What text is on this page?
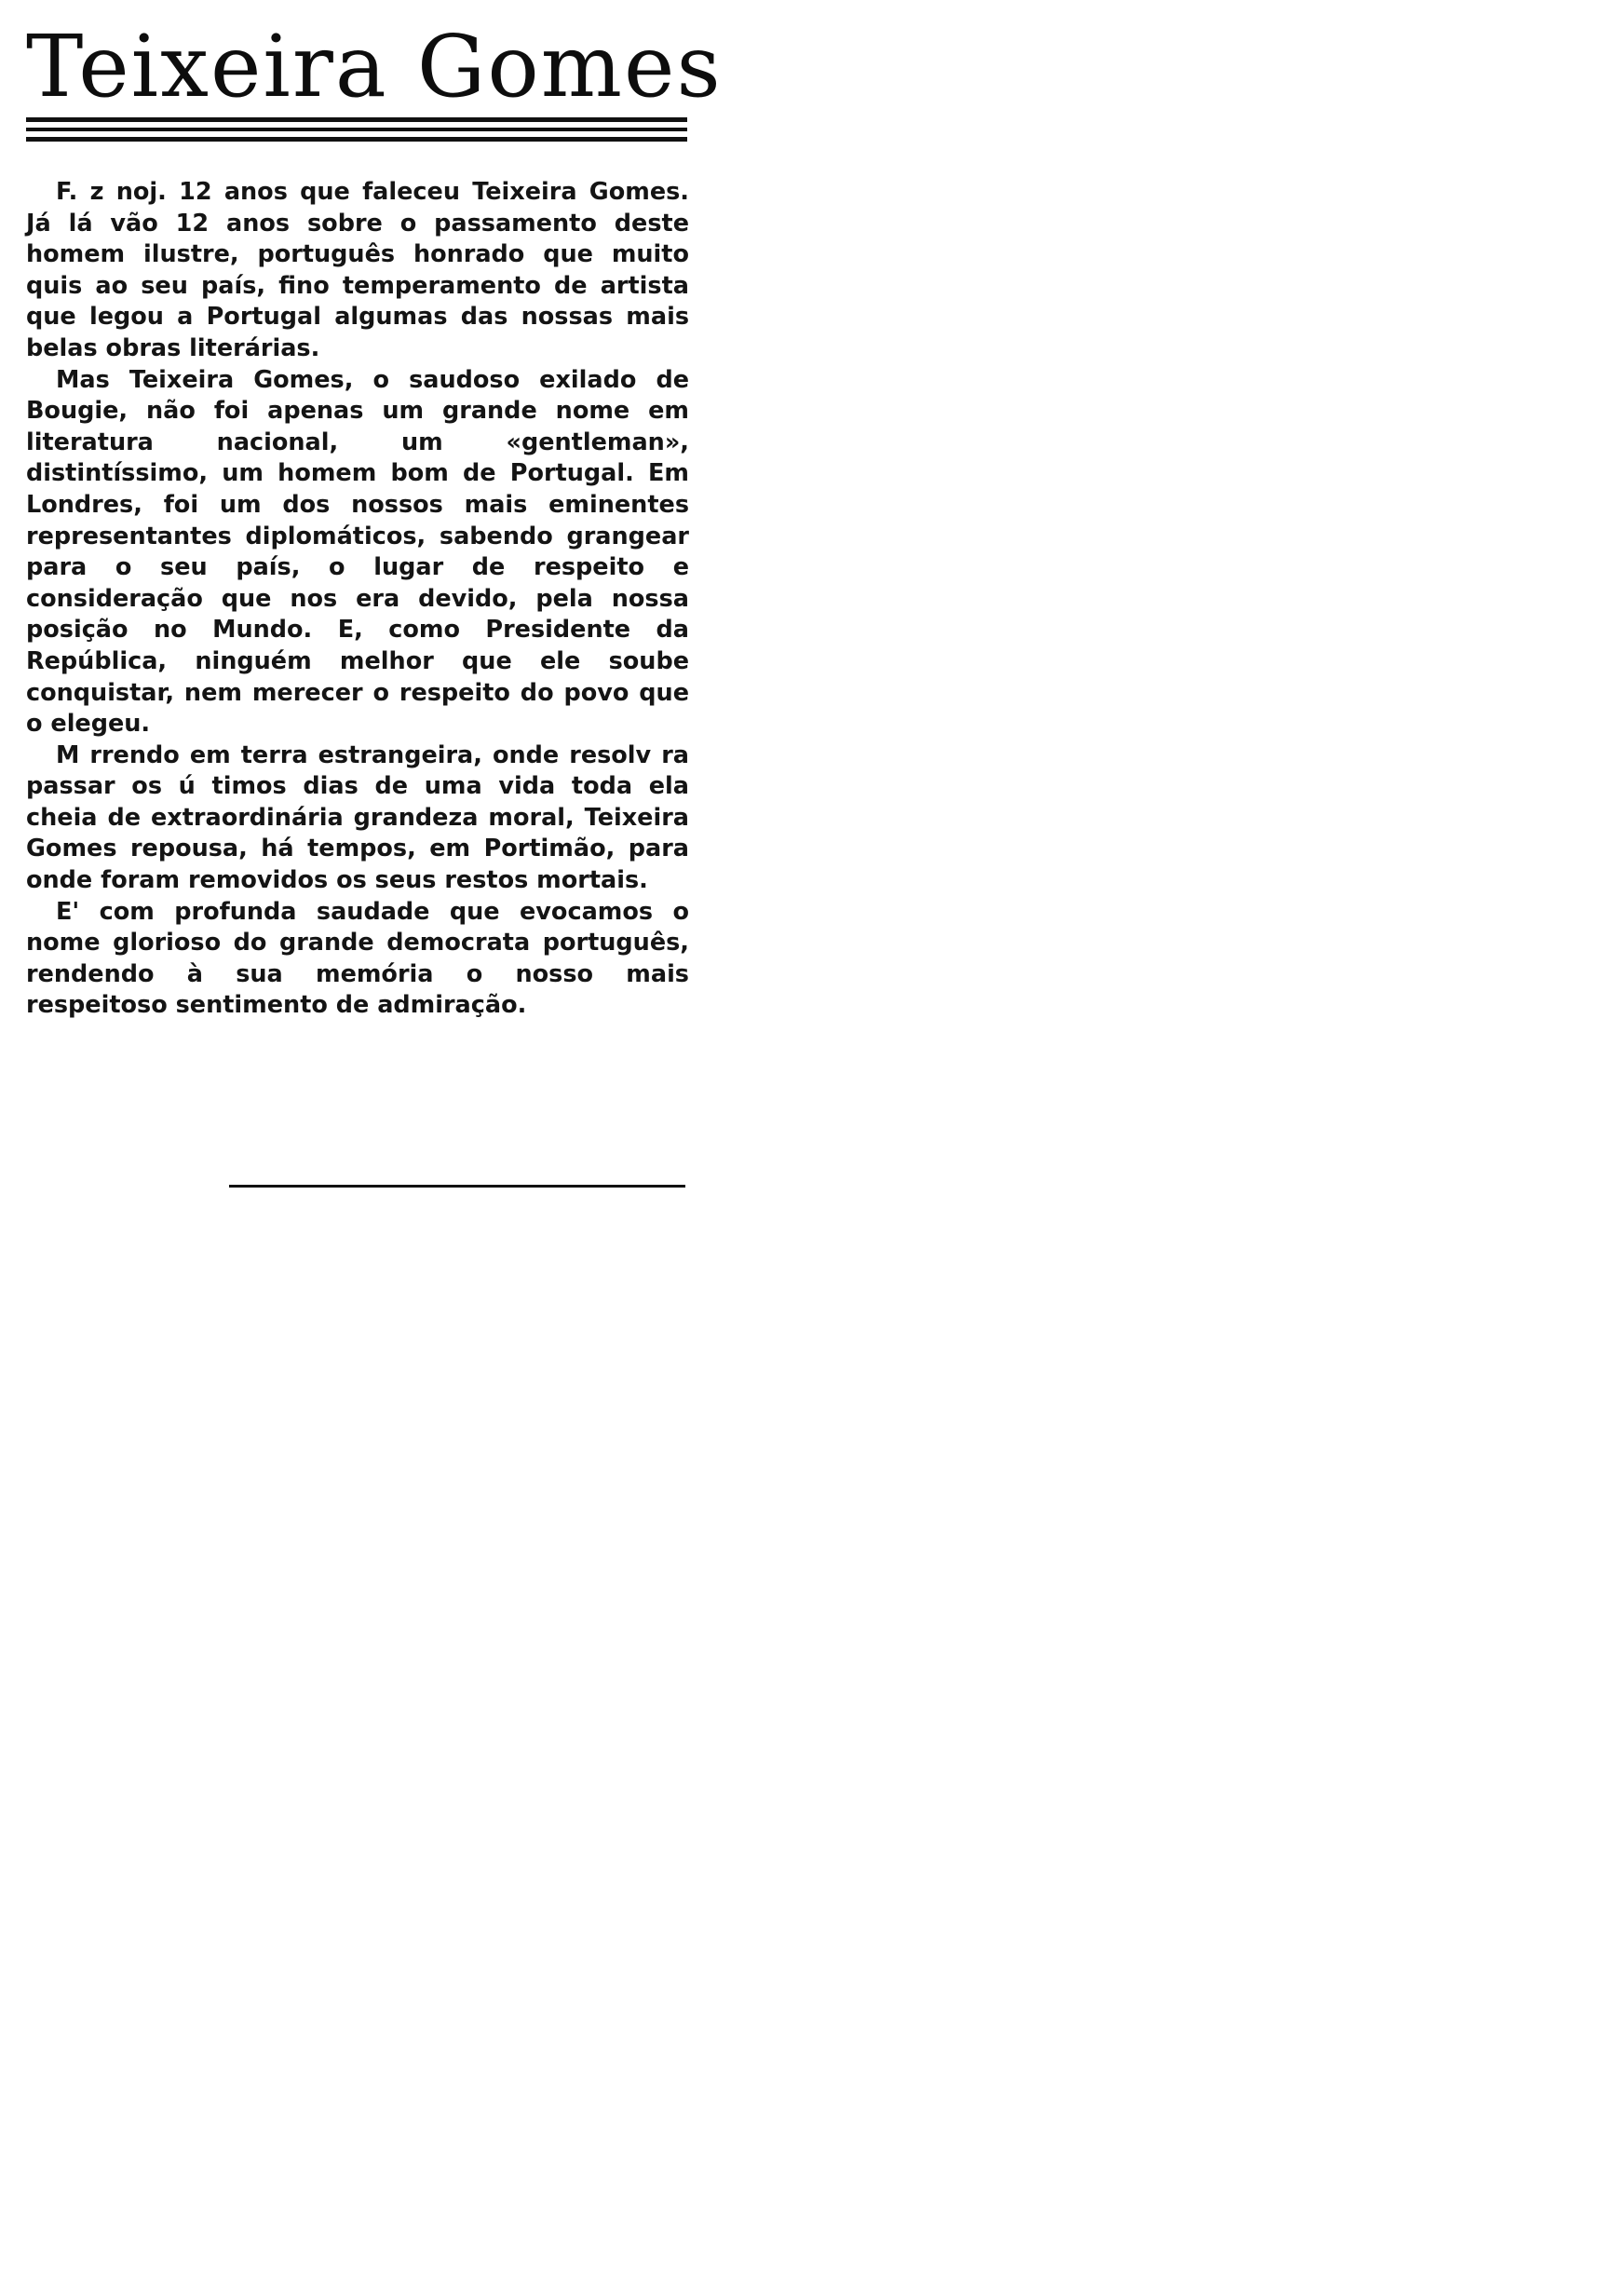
Teixeira Gomes

F. z noj. 12 anos que faleceu Teixeira Gomes. Já lá vão 12 anos sobre o passamento deste homem ilustre, português honrado que muito quis ao seu país, fino temperamento de artista que legou a Portugal algumas das nossas mais belas obras literárias.

Mas Teixeira Gomes, o saudoso exilado de Bougie, não foi apenas um grande nome em literatura nacional, um «gentleman», distintíssimo, um homem bom de Portugal. Em Londres, foi um dos nossos mais eminentes representantes diplomáticos, sabendo grangear para o seu país, o lugar de respeito e consideração que nos era devido, pela nossa posição no Mundo. E, como Presidente da República, ninguém melhor que ele soube conquistar, nem merecer o respeito do povo que o elegeu.

M rrendo em terra estrangeira, onde resolv ra passar os ú timos dias de uma vida toda ela cheia de extraordinária grandeza moral, Teixeira Gomes repousa, há tempos, em Portimão, para onde foram removidos os seus restos mortais.

E' com profunda saudade que evocamos o nome glorioso do grande democrata português, rendendo à sua memória o nosso mais respeitoso sentimento de admiração.
